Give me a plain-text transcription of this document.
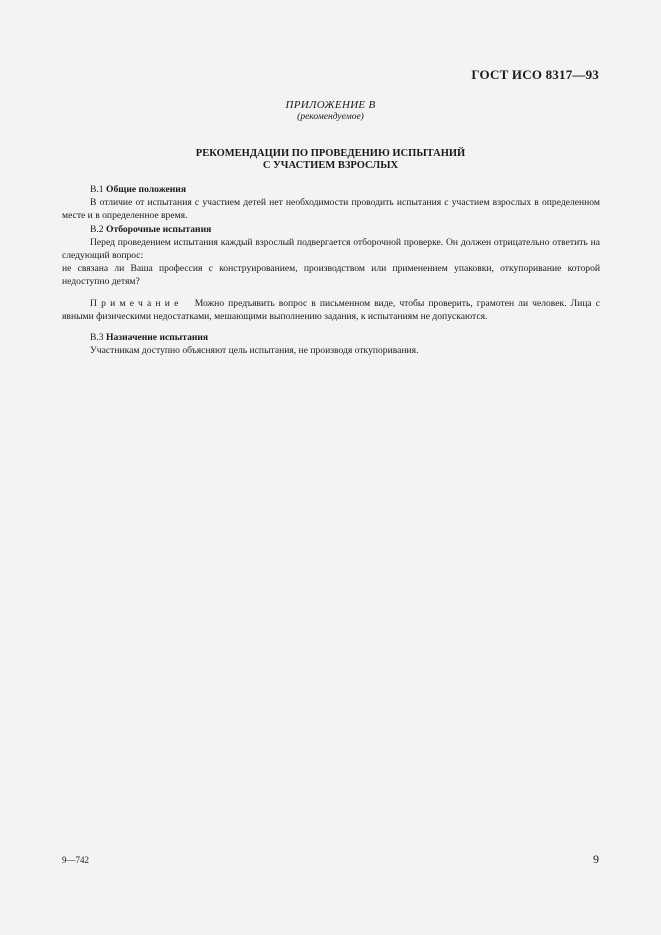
ГОСТ ИСО 8317—93
ПРИЛОЖЕНИЕ В
(рекомендуемое)
РЕКОМЕНДАЦИИ ПО ПРОВЕДЕНИЮ ИСПЫТАНИЙ
С УЧАСТИЕМ ВЗРОСЛЫХ

В.1 Общие положения

В отличие от испытания с участием детей нет необходимости проводить испытания с участием взрослых в определенном месте и в определенное время.

В.2 Отборочные испытания

Перед проведением испытания каждый взрослый подвергается отборочной проверке. Он должен отрицательно ответить на следующий вопрос:

не связана ли Ваша профессия с конструированием, производством или применением упаковки, откупоривание которой недоступно детям?

Примечание Можно предъявить вопрос в письменном виде, чтобы проверить, грамотен ли человек. Лица с явными физическими недостатками, мешающими выполнению задания, к испытаниям не допускаются.

В.3 Назначение испытания

Участникам доступно объясняют цель испытания, не производя откупоривания.

9—742	9
